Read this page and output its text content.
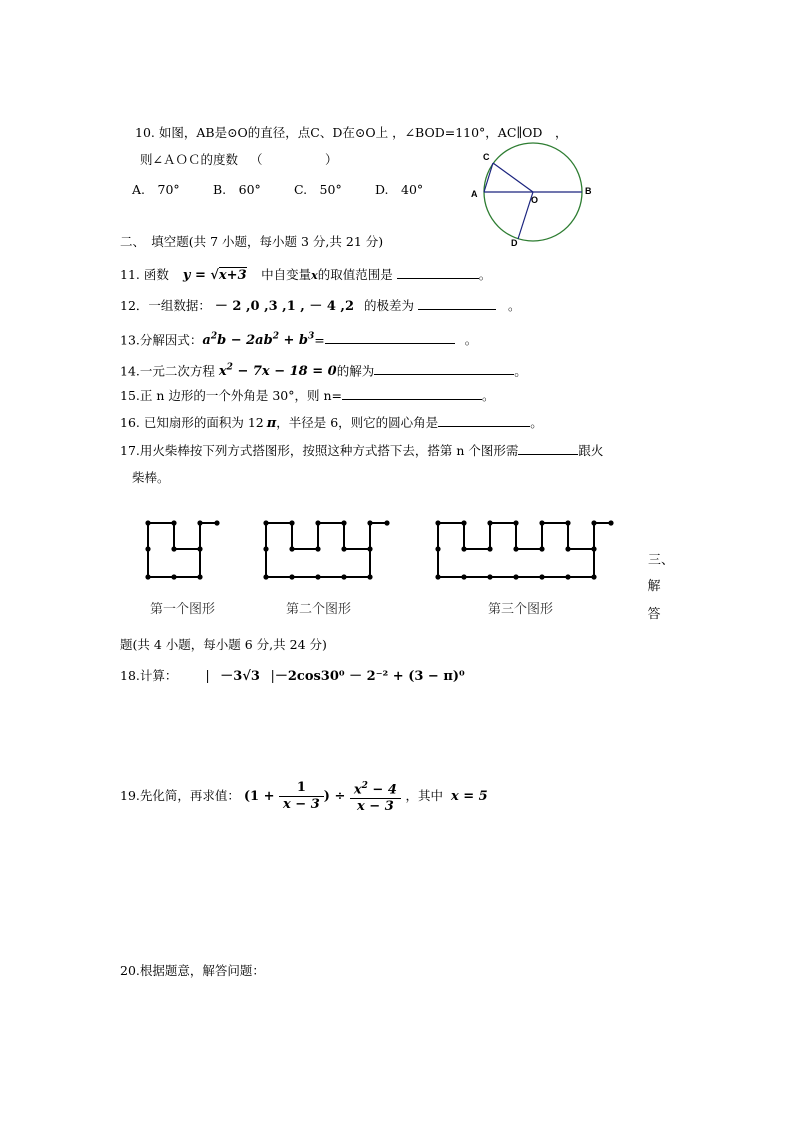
10. 如图，AB是⊙O的直径，点C、D在⊙O上 ，∠BOD=110°，AC∥OD　，
则∠ＡＯＣ的度数 （　　　　　）
A.　70°	B.　60°	C.　50°	D.　40°	A	B
C
D
O
二、　填空题(共 7 小题，每小题 3 分,共 21 分)
11. 函数 y = √x+3 中自变量x的取值范围是	。
12．一组数据： － 2 ,0 ,3 ,1 , － 4 ,2 的极差为	。
13.分解因式：$a^2b - 2ab^2 + b^3=$	。
14.一元二次方程 $x^2 - 7x - 18 = 0$的解为	。
15.正 n 边形的一个外角是 30°，则 n=	。
16. 已知扇形的面积为 12 π，半径是 6，则它的圆心角是	。
17.用火柴棒按下列方式搭图形，按照这种方式搭下去，搭第 n 个图形需	跟火
柴棒。
第一个图形	第二个图形	第三个图形
三、
解
答
题(共 4 小题，每小题 6 分,共 24 分)
18.计算： | －3√3 |－2cos30⁰ － 2⁻² + (3 − π)⁰
19.先化简，再求值： ($1 + \frac{1}{x - 3}$ ) ÷ $\frac{x^2 - 4}{x - 3}$ ，其中 x = 5
20.根据题意，解答问题：
